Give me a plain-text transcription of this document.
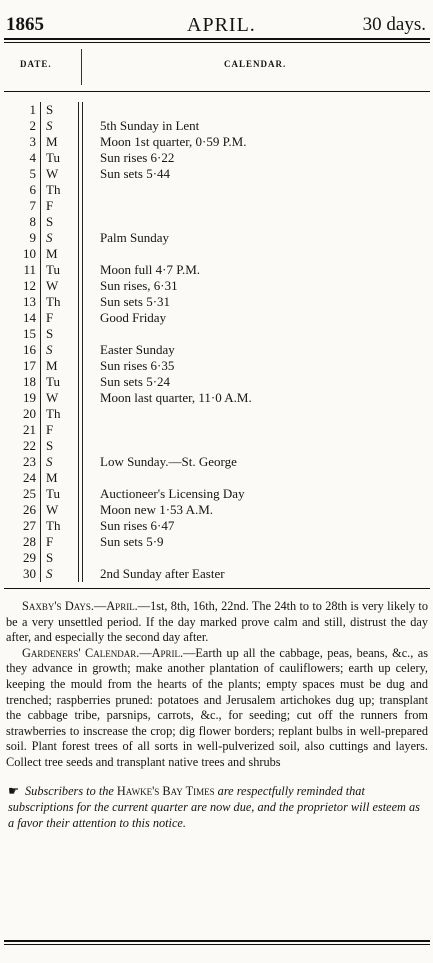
1865	APRIL.	30 days.
DATE.	CALENDAR.
1 S
2 S	5th Sunday in Lent
3 M	Moon 1st quarter, 0·59 P.M.
4 Tu	Sun rises 6·22
5 W	Sun sets 5·44
6 Th
7 F
8 S
9 S	Palm Sunday
10 M
11 Tu	Moon full 4·7 P.M.
12 W	Sun rises, 6·31
13 Th	Sun sets 5·31
14 F	Good Friday
15 S
16 S	Easter Sunday
17 M	Sun rises 6·35
18 Tu	Sun sets 5·24
19 W	Moon last quarter, 11·0 A.M.
20 Th
21 F
22 S
23 S	Low Sunday.—St. George
24 M
25 Tu	Auctioneer's Licensing Day
26 W	Moon new 1·53 A.M.
27 Th	Sun rises 6·47
28 F	Sun sets 5·9
29 S
30 S	2nd Sunday after Easter

Saxby's Days.—April.—1st, 8th, 16th, 22nd. The 24th to to 28th is very likely to be a very unsettled period. If the day marked prove calm and still, distrust the day after, and especially the second day after.

Gardeners' Calendar.—April.—Earth up all the cabbage, peas, beans, &c., as they advance in growth; make another plantation of cauliflowers; earth up celery, keeping the mould from the hearts of the plants; empty spaces must be dug and trenched; raspberries pruned: potatoes and Jerusalem artichokes dug up; transplant the cabbage tribe, parsnips, carrots, &c., for seeding; cut off the runners from strawberries to inscrease the crop; dig flower borders; replant bulbs in well-prepared soil. Plant forest trees of all sorts in well-pulverized soil, also cuttings and layers. Collect tree seeds and transplant native trees and shrubs

☛ Subscribers to the Hawke's Bay Times are respectfully reminded that subscriptions for the current quarter are now due, and the proprietor will esteem as a favor their attention to this notice.
